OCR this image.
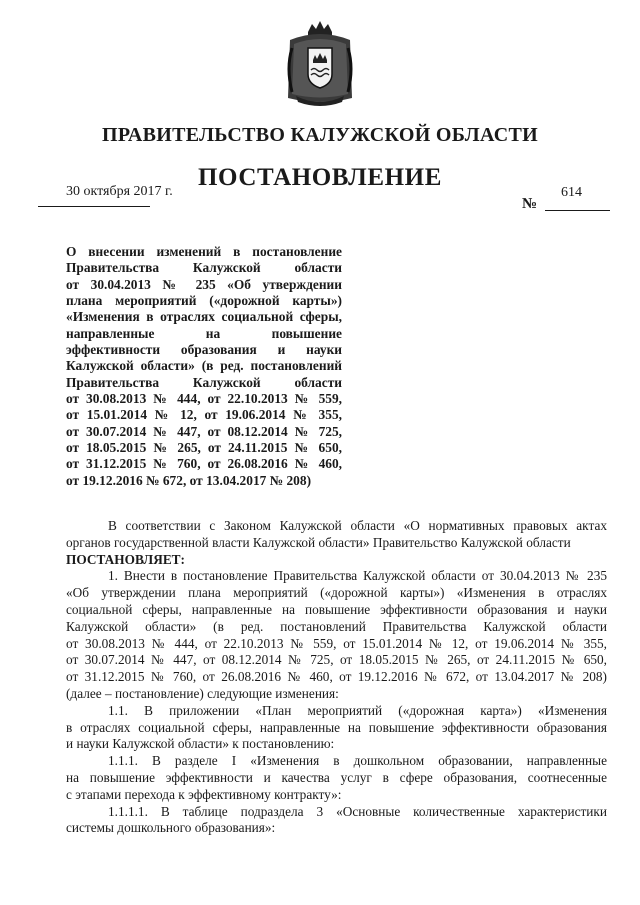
ПРАВИТЕЛЬСТВО КАЛУЖСКОЙ ОБЛАСТИ
ПОСТАНОВЛЕНИЕ
30 октября 2017 г.	614
№
О внесении изменений в постановление
Правительства Калужской области
от 30.04.2013 № 235 «Об утверждении
плана мероприятий («дорожной карты»)
«Изменения в отраслях социальной сферы,
направленные на повышение
эффективности образования и науки
Калужской области» (в ред. постановлений
Правительства Калужской области
от 30.08.2013 № 444, от 22.10.2013 № 559,
от 15.01.2014 № 12, от 19.06.2014 № 355,
от 30.07.2014 № 447, от 08.12.2014 № 725,
от 18.05.2015 № 265, от 24.11.2015 № 650,
от 31.12.2015 № 760, от 26.08.2016 № 460,
от 19.12.2016 № 672, от 13.04.2017 № 208)
В соответствии с Законом Калужской области «О нормативных правовых актах
органов государственной власти Калужской области» Правительство Калужской области
ПОСТАНОВЛЯЕТ:
1. Внести в постановление Правительства Калужской области от 30.04.2013 № 235
«Об утверждении плана мероприятий («дорожной карты») «Изменения в отраслях
социальной сферы, направленные на повышение эффективности образования и науки
Калужской области» (в ред. постановлений Правительства Калужской области
от 30.08.2013 № 444, от 22.10.2013 № 559, от 15.01.2014 № 12, от 19.06.2014 № 355,
от 30.07.2014 № 447, от 08.12.2014 № 725, от 18.05.2015 № 265, от 24.11.2015 № 650,
от 31.12.2015 № 760, от 26.08.2016 № 460, от 19.12.2016 № 672, от 13.04.2017 № 208)
(далее – постановление) следующие изменения:
1.1. В приложении «План мероприятий («дорожная карта») «Изменения
в отраслях социальной сферы, направленные на повышение эффективности образования
и науки Калужской области» к постановлению:
1.1.1. В разделе I «Изменения в дошкольном образовании, направленные
на повышение эффективности и качества услуг в сфере образования, соотнесенные
с этапами перехода к эффективному контракту»:
1.1.1.1. В таблице подраздела 3 «Основные количественные характеристики
системы дошкольного образования»:
